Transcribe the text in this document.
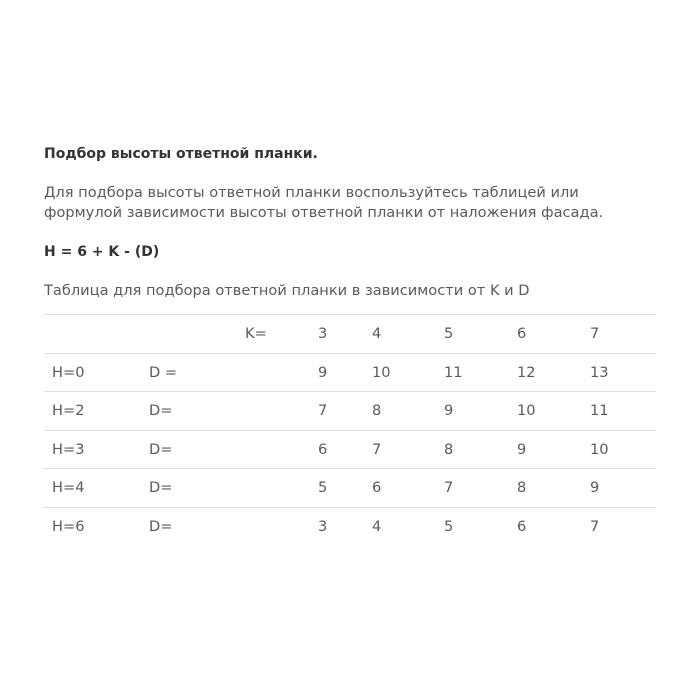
Подбор высоты ответной планки.

Для подбора высоты ответной планки воспользуйтесь таблицей или формулой зависимости высоты ответной планки от наложения фасада.

H = 6 + K - (D)

Таблица для подбора ответной планки в зависимости от K и D

		K=	3	4	5	6	7
H=0	D =		9	10	11	12	13
H=2	D=		7	8	9	10	11
H=3	D=		6	7	8	9	10
H=4	D=		5	6	7	8	9
H=6	D=		3	4	5	6	7
